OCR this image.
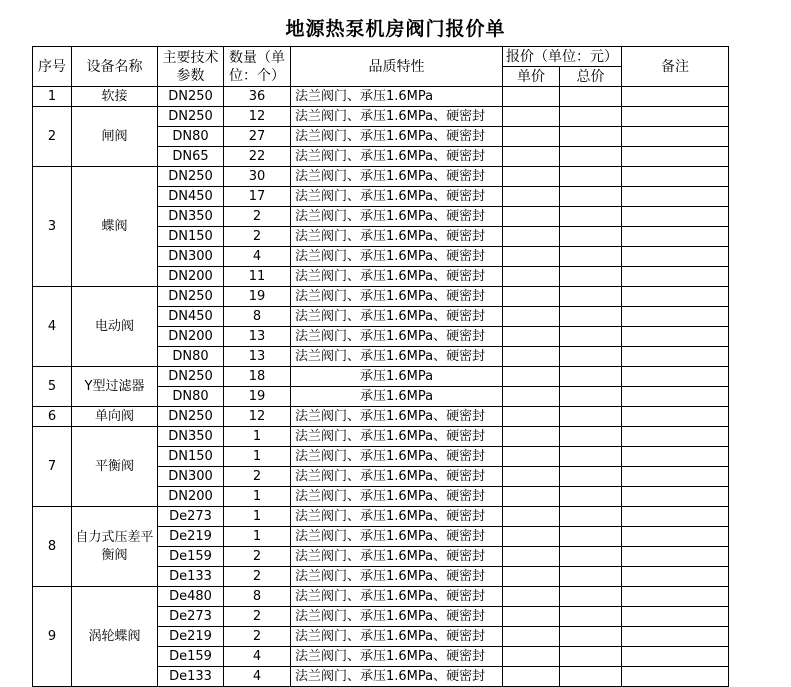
地源热泵机房阀门报价单
序号	设备名称	主要技术参数	数量（单位：个）	品质特性	报价（单位：元）		备注
					单价	总价	
1	软接	DN250	36	法兰阀门、承压1.6MPa			
2	闸阀	DN250	12	法兰阀门、承压1.6MPa、硬密封			
		DN80	27	法兰阀门、承压1.6MPa、硬密封			
		DN65	22	法兰阀门、承压1.6MPa、硬密封			
3	蝶阀	DN250	30	法兰阀门、承压1.6MPa、硬密封			
		DN450	17	法兰阀门、承压1.6MPa、硬密封			
		DN350	2	法兰阀门、承压1.6MPa、硬密封			
		DN150	2	法兰阀门、承压1.6MPa、硬密封			
		DN300	4	法兰阀门、承压1.6MPa、硬密封			
		DN200	11	法兰阀门、承压1.6MPa、硬密封			
4	电动阀	DN250	19	法兰阀门、承压1.6MPa、硬密封			
		DN450	8	法兰阀门、承压1.6MPa、硬密封			
		DN200	13	法兰阀门、承压1.6MPa、硬密封			
		DN80	13	法兰阀门、承压1.6MPa、硬密封			
5	Y型过滤器	DN250	18	承压1.6MPa			
		DN80	19	承压1.6MPa			
6	单向阀	DN250	12	法兰阀门、承压1.6MPa、硬密封			
7	平衡阀	DN350	1	法兰阀门、承压1.6MPa、硬密封			
		DN150	1	法兰阀门、承压1.6MPa、硬密封			
		DN300	2	法兰阀门、承压1.6MPa、硬密封			
		DN200	1	法兰阀门、承压1.6MPa、硬密封			
8	自力式压差平衡阀	De273	1	法兰阀门、承压1.6MPa、硬密封			
		De219	1	法兰阀门、承压1.6MPa、硬密封			
		De159	2	法兰阀门、承压1.6MPa、硬密封			
		De133	2	法兰阀门、承压1.6MPa、硬密封			
9	涡轮蝶阀	De480	8	法兰阀门、承压1.6MPa、硬密封			
		De273	2	法兰阀门、承压1.6MPa、硬密封			
		De219	2	法兰阀门、承压1.6MPa、硬密封			
		De159	4	法兰阀门、承压1.6MPa、硬密封			
		De133	4	法兰阀门、承压1.6MPa、硬密封			
